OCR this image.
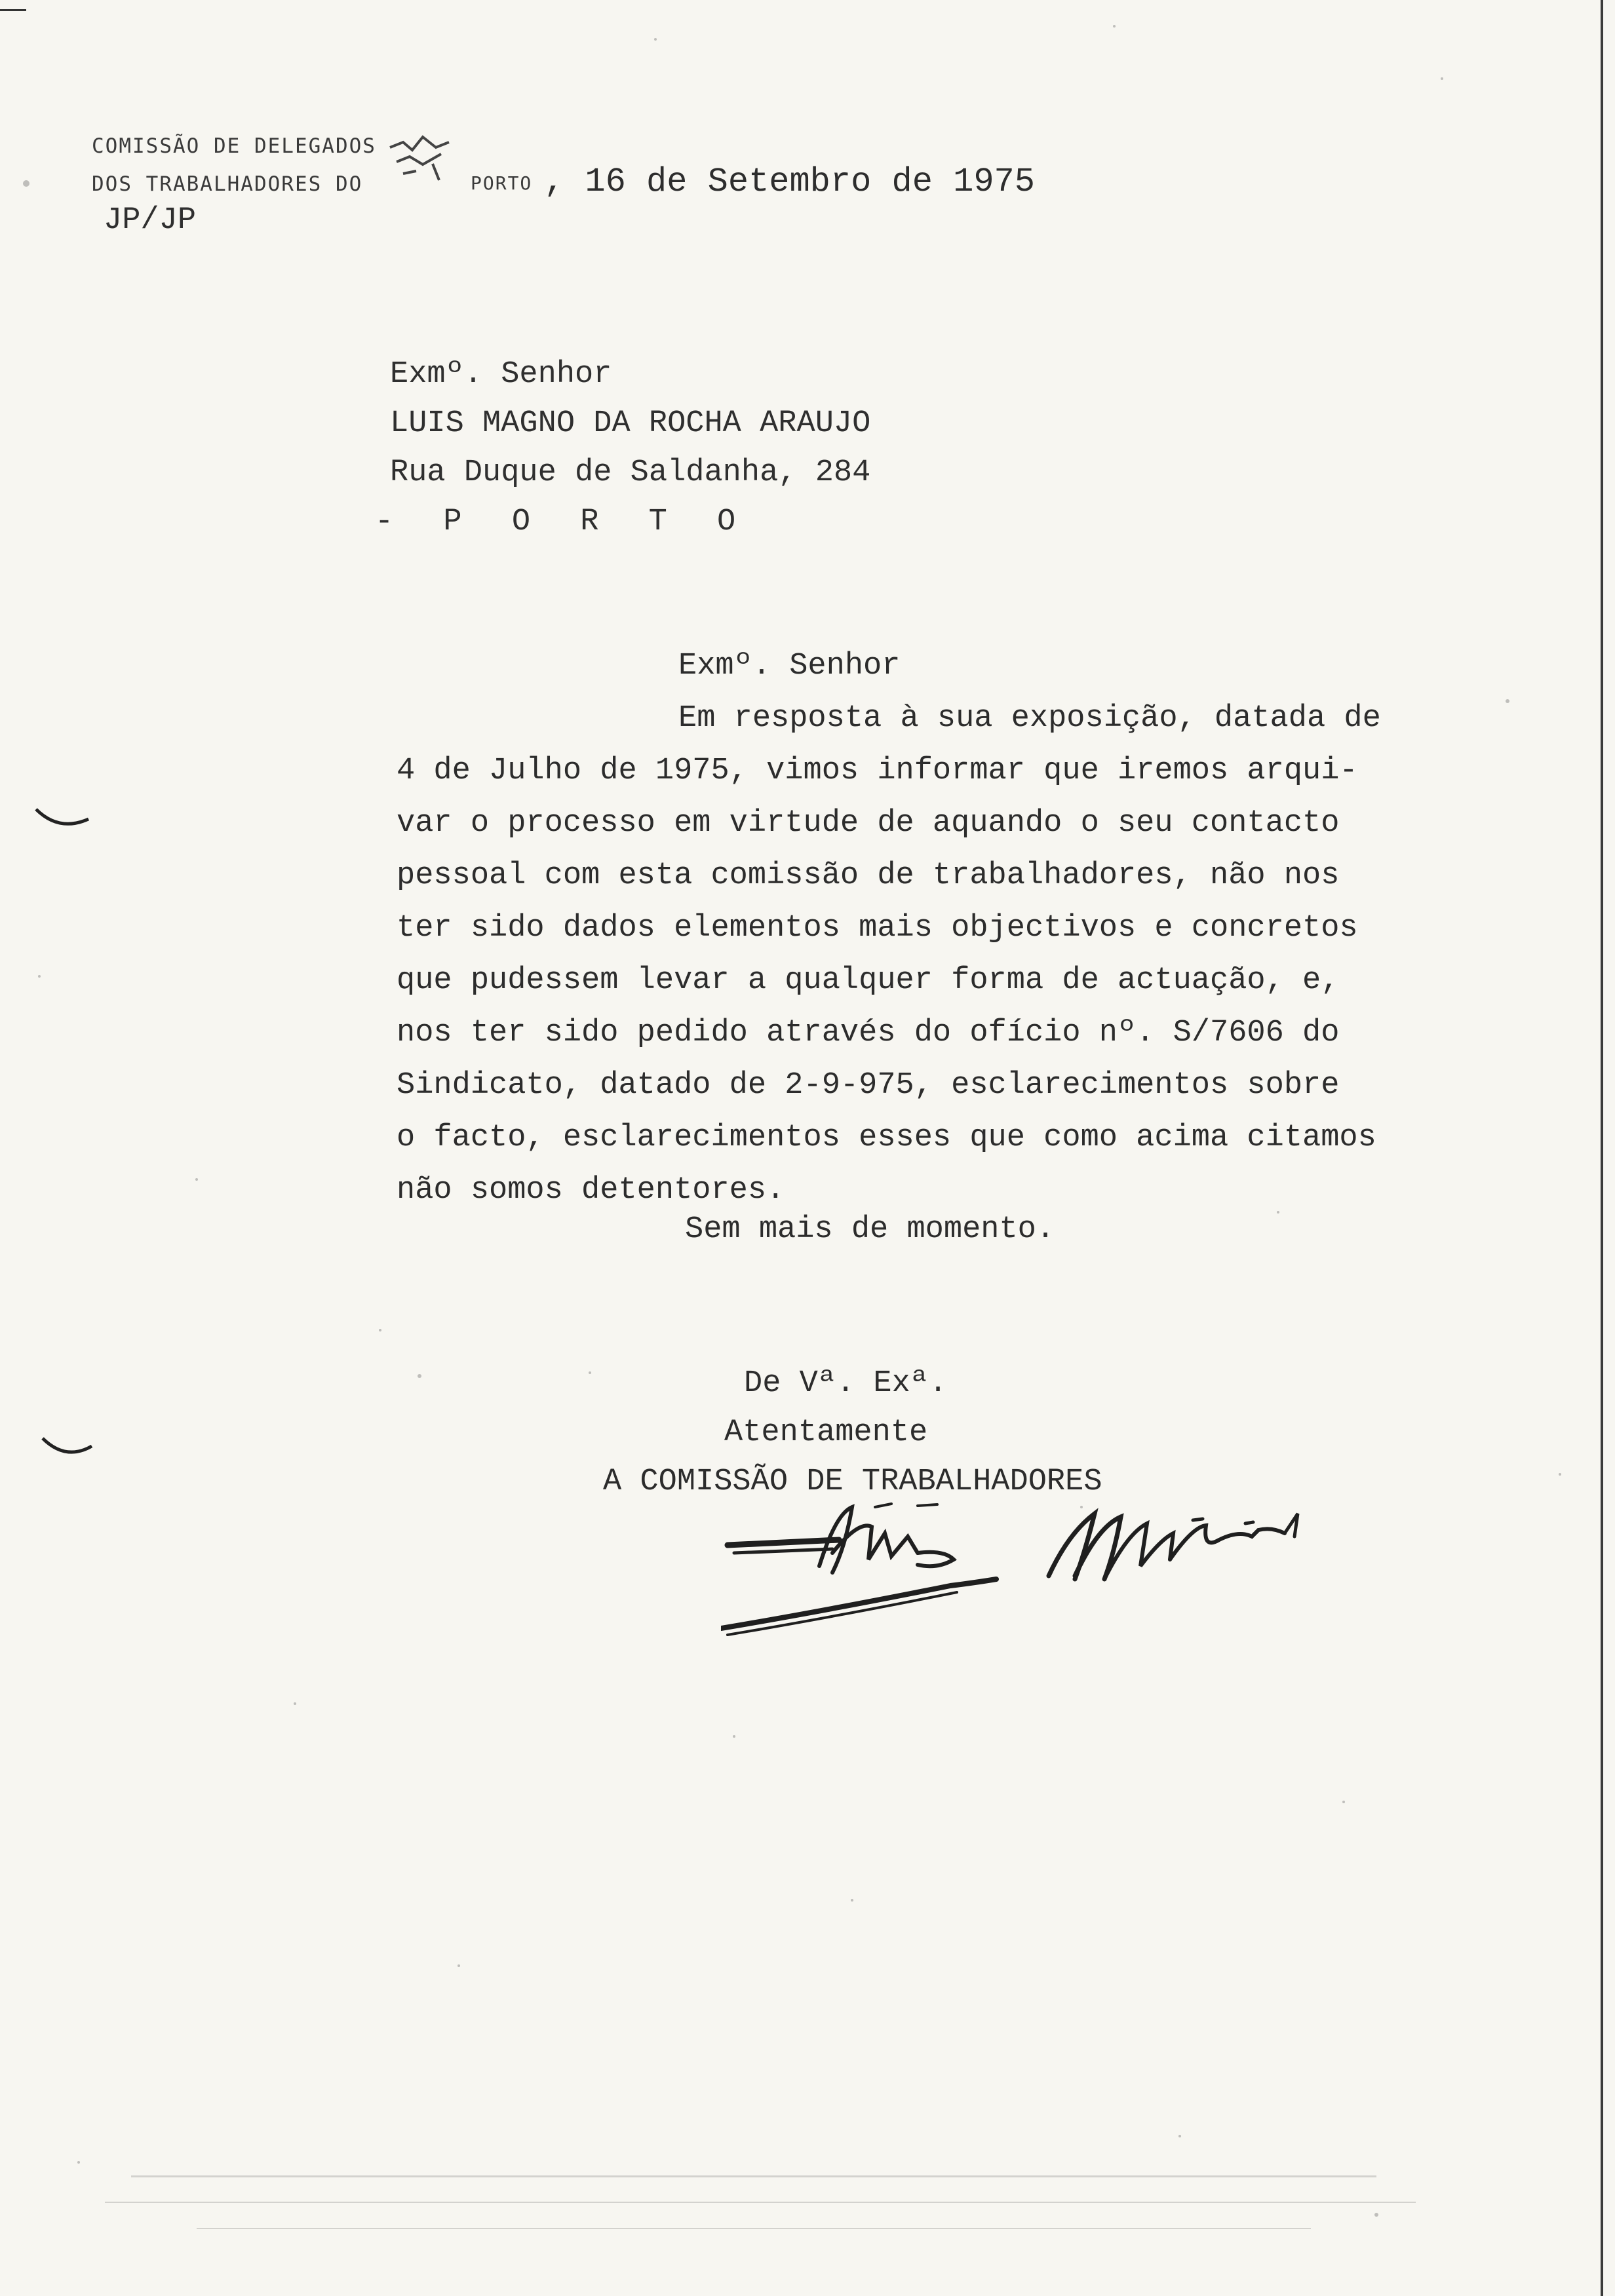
COMISSÃO DE DELEGADOS
DOS TRABALHADORES DO	PORTO , 16 de Setembro de 1975
JP/JP
Exmº. Senhor
LUIS MAGNO DA ROCHA ARAUJO
Rua Duque de Saldanha, 284
- P O R T O
Exmº. Senhor
Em resposta à sua exposição, datada de
4 de Julho de 1975, vimos informar que iremos arqui-
var o processo em virtude de aquando o seu contacto
pessoal com esta comissão de trabalhadores, não nos
ter sido dados elementos mais objectivos e concretos
que pudessem levar a qualquer forma de actuação, e,
nos ter sido pedido através do ofício nº. S/7606 do
Sindicato, datado de 2-9-975, esclarecimentos sobre
o facto, esclarecimentos esses que como acima citamos
não somos detentores.
Sem mais de momento.
De Vª. Exª.
Atentamente
A COMISSÃO DE TRABALHADORES
